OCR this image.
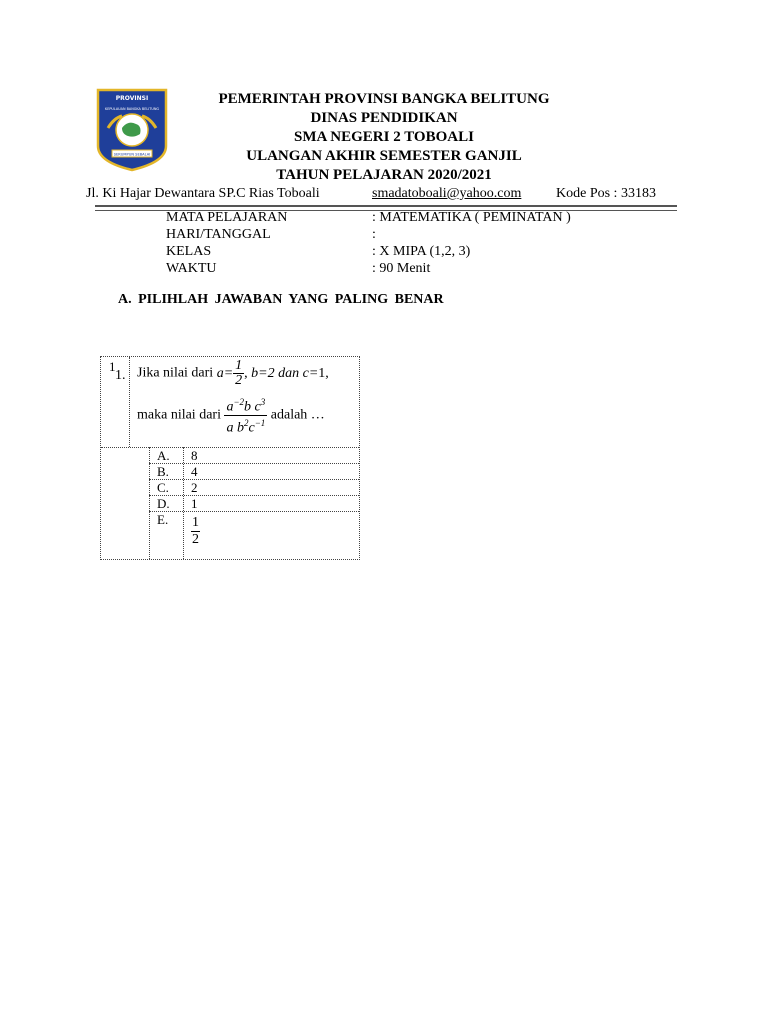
PROVINSI
KEPULAUAN BANGKA BELITUNG
SERUMPUN SEBALAI
PEMERINTAH PROVINSI BANGKA BELITUNG
DINAS PENDIDIKAN
SMA NEGERI 2 TOBOALI
ULANGAN AKHIR SEMESTER GANJIL
TAHUN PELAJARAN 2020/2021
Jl. Ki Hajar Dewantara SP.C Rias Toboali	smadatoboali@yahoo.com Kode Pos : 33183
MATA PELAJARAN	: MATEMATIKA ( PEMINATAN )
HARI/TANGGAL	:
KELAS	: X MIPA (1,2, 3)
WAKTU	: 90 Menit
A. PILIHLAH JAWABAN YANG PALING BENAR
1
1. Jika nilai dari $a= \frac{1}{2}$ , b=2 dan c=1,
maka nilai dari $\frac{a^{-2}b c^3}{a b^2c^{-1}}$ adalah …
A. 8
B. 4
C. 2
D. 1
E. $\frac{1}{2}$
